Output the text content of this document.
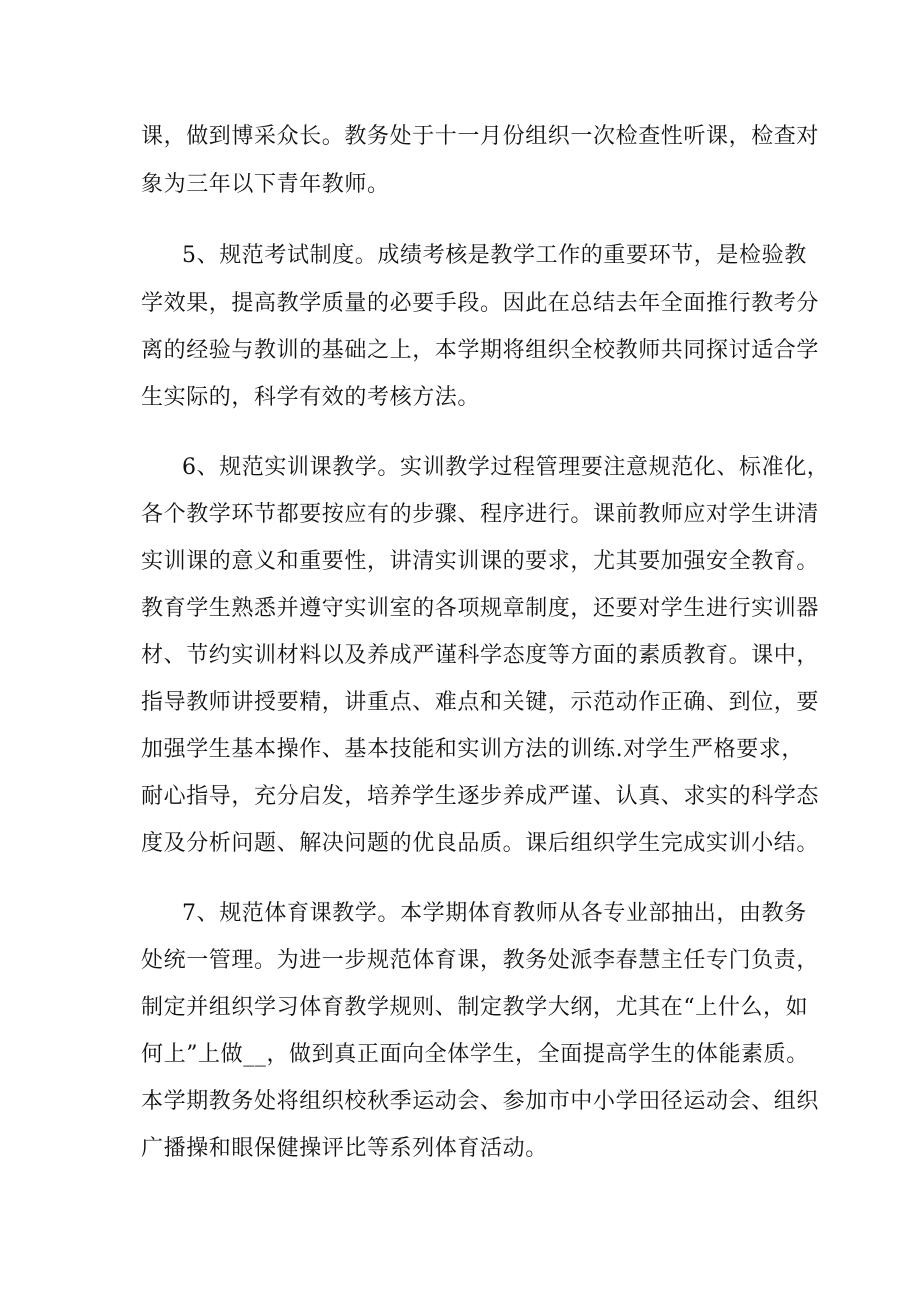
课，做到博采众长。教务处于十一月份组织一次检查性听课，检查对
象为三年以下青年教师。
5、规范考试制度。成绩考核是教学工作的重要环节，是检验教
学效果，提高教学质量的必要手段。因此在总结去年全面推行教考分
离的经验与教训的基础之上，本学期将组织全校教师共同探讨适合学
生实际的，科学有效的考核方法。
6、规范实训课教学。实训教学过程管理要注意规范化、标准化，
各个教学环节都要按应有的步骤、程序进行。课前教师应对学生讲清
实训课的意义和重要性，讲清实训课的要求，尤其要加强安全教育。
教育学生熟悉并遵守实训室的各项规章制度，还要对学生进行实训器
材、节约实训材料以及养成严谨科学态度等方面的素质教育。课中，
指导教师讲授要精，讲重点、难点和关键，示范动作正确、到位，要
加强学生基本操作、基本技能和实训方法的训练.对学生严格要求，
耐心指导，充分启发，培养学生逐步养成严谨、认真、求实的科学态
度及分析问题、解决问题的优良品质。课后组织学生完成实训小结。
7、规范体育课教学。本学期体育教师从各专业部抽出，由教务
处统一管理。为进一步规范体育课，教务处派李春慧主任专门负责，
制定并组织学习体育教学规则、制定教学大纲，尤其在“上什么，如
何上”上做__，做到真正面向全体学生，全面提高学生的体能素质。
本学期教务处将组织校秋季运动会、参加市中小学田径运动会、组织
广播操和眼保健操评比等系列体育活动。
